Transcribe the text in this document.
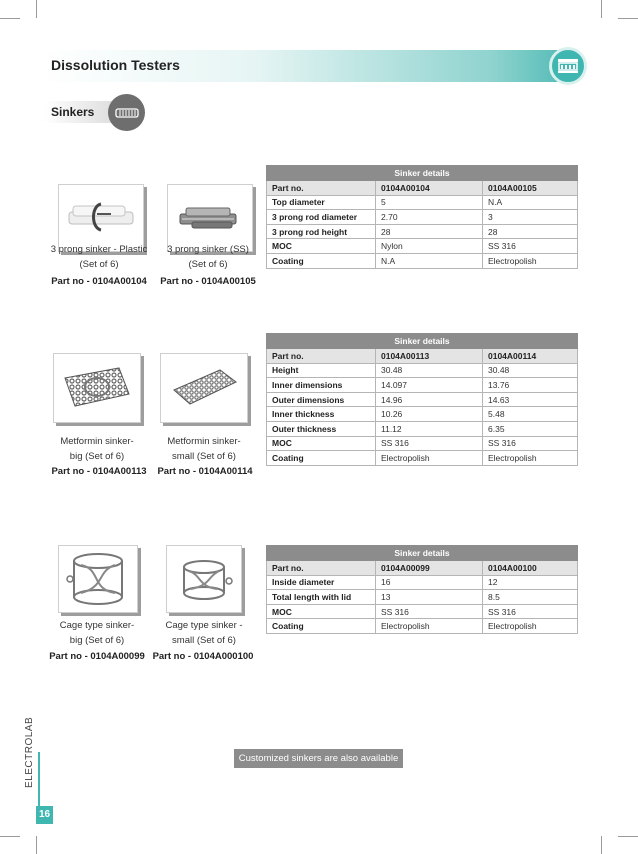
Dissolution Testers
Sinkers
3 prong sinker - Plastic
(Set of 6)
3 prong sinker (SS)
(Set of 6)
Part no - 0104A00104	Part no - 0104A00105
Metformin sinker-
big (Set of 6)
Metformin sinker-
small (Set of 6)
Part no - 0104A00113	Part no - 0104A00114
Cage type sinker-
big (Set of 6)
Cage type sinker -
small (Set of 6)
Part no - 0104A00099 Part no - 0104A000100
Sinker details		
Part no.	0104A00104	0104A00105
Top diameter	5	N.A
3 prong rod diameter	2.70	3
3 prong rod height	28	28
MOC	Nylon	SS 316
Coating	N.A	Electropolish
Sinker details		
Part no.	0104A00113	0104A00114
Height	30.48	30.48
Inner dimensions	14.097	13.76
Outer dimensions	14.96	14.63
Inner thickness	10.26	5.48
Outer thickness	11.12	6.35
MOC	SS 316	SS 316
Coating	Electropolish	Electropolish
Sinker details		
Part no.	0104A00099	0104A00100
Inside diameter	16	12
Total length with lid	13	8.5
MOC	SS 316	SS 316
Coating	Electropolish	Electropolish
Customized sinkers are also available
ELECTROLAB
16
